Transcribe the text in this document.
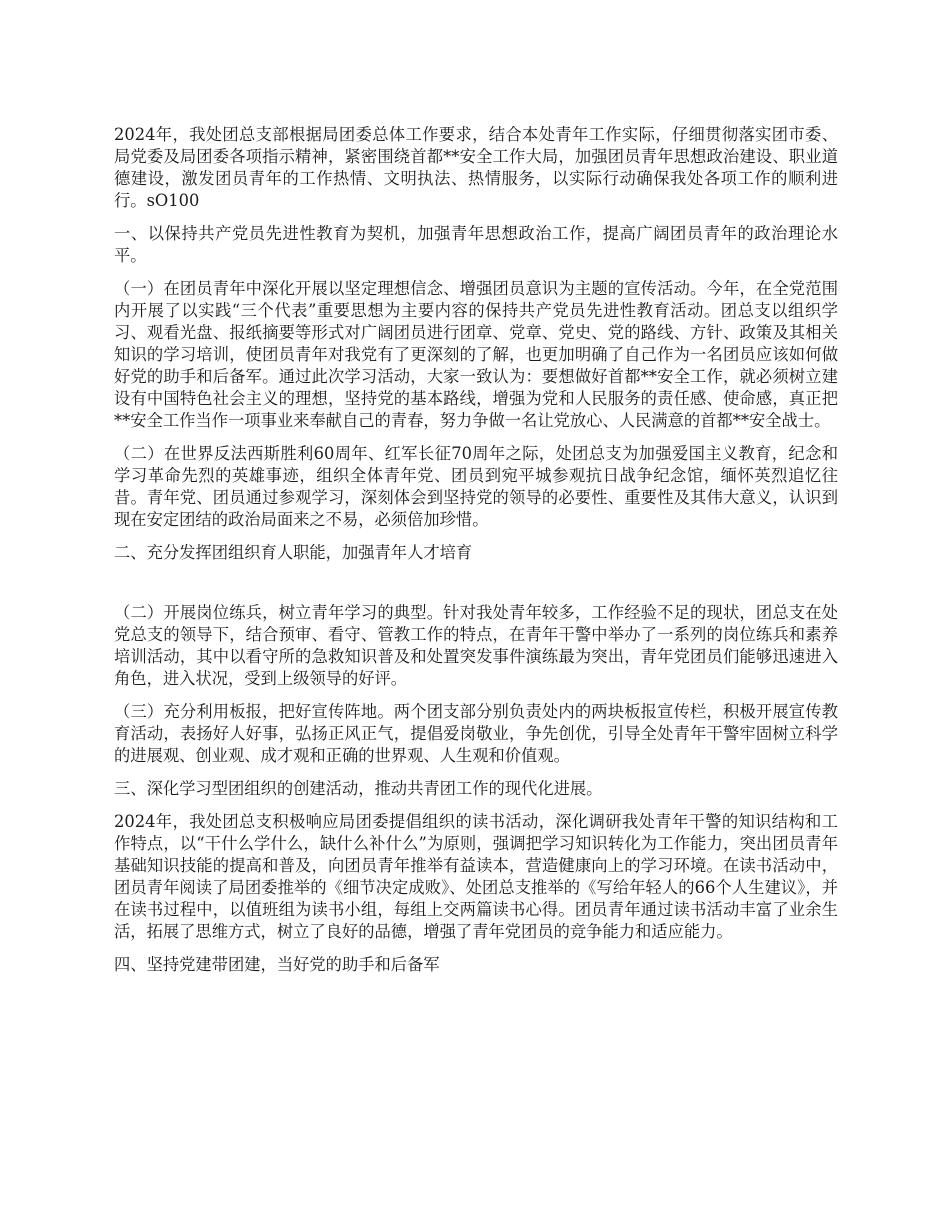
2024年，我处团总支部根据局团委总体工作要求，结合本处青年工作实际，仔细贯彻落实团市委、局党委及局团委各项指示精神，紧密围绕首都**安全工作大局，加强团员青年思想政治建设、职业道德建设，激发团员青年的工作热情、文明执法、热情服务，以实际行动确保我处各项工作的顺利进行。sO100

一、以保持共产党员先进性教育为契机，加强青年思想政治工作，提高广阔团员青年的政治理论水平。

（一）在团员青年中深化开展以坚定理想信念、增强团员意识为主题的宣传活动。今年，在全党范围内开展了以实践“三个代表”重要思想为主要内容的保持共产党员先进性教育活动。团总支以组织学习、观看光盘、报纸摘要等形式对广阔团员进行团章、党章、党史、党的路线、方针、政策及其相关知识的学习培训，使团员青年对我党有了更深刻的了解，也更加明确了自己作为一名团员应该如何做好党的助手和后备军。通过此次学习活动，大家一致认为：要想做好首都**安全工作，就必须树立建设有中国特色社会主义的理想，坚持党的基本路线，增强为党和人民服务的责任感、使命感，真正把**安全工作当作一项事业来奉献自己的青春，努力争做一名让党放心、人民满意的首都**安全战士。

（二）在世界反法西斯胜利60周年、红军长征70周年之际，处团总支为加强爱国主义教育，纪念和学习革命先烈的英雄事迹，组织全体青年党、团员到宛平城参观抗日战争纪念馆，缅怀英烈追忆往昔。青年党、团员通过参观学习，深刻体会到坚持党的领导的必要性、重要性及其伟大意义，认识到现在安定团结的政治局面来之不易，必须倍加珍惜。

二、充分发挥团组织育人职能，加强青年人才培育

（二）开展岗位练兵，树立青年学习的典型。针对我处青年较多，工作经验不足的现状，团总支在处党总支的领导下，结合预审、看守、管教工作的特点，在青年干警中举办了一系列的岗位练兵和素养培训活动，其中以看守所的急救知识普及和处置突发事件演练最为突出，青年党团员们能够迅速进入角色，进入状况，受到上级领导的好评。

（三）充分利用板报，把好宣传阵地。两个团支部分别负责处内的两块板报宣传栏，积极开展宣传教育活动，表扬好人好事，弘扬正风正气，提倡爱岗敬业，争先创优，引导全处青年干警牢固树立科学的进展观、创业观、成才观和正确的世界观、人生观和价值观。

三、深化学习型团组织的创建活动，推动共青团工作的现代化进展。

2024年，我处团总支积极响应局团委提倡组织的读书活动，深化调研我处青年干警的知识结构和工作特点，以“干什么学什么，缺什么补什么”为原则，强调把学习知识转化为工作能力，突出团员青年基础知识技能的提高和普及，向团员青年推举有益读本，营造健康向上的学习环境。在读书活动中，团员青年阅读了局团委推举的《细节决定成败》、处团总支推举的《写给年轻人的66个人生建议》，并在读书过程中，以值班组为读书小组，每组上交两篇读书心得。团员青年通过读书活动丰富了业余生活，拓展了思维方式，树立了良好的品德，增强了青年党团员的竞争能力和适应能力。

四、坚持党建带团建，当好党的助手和后备军
